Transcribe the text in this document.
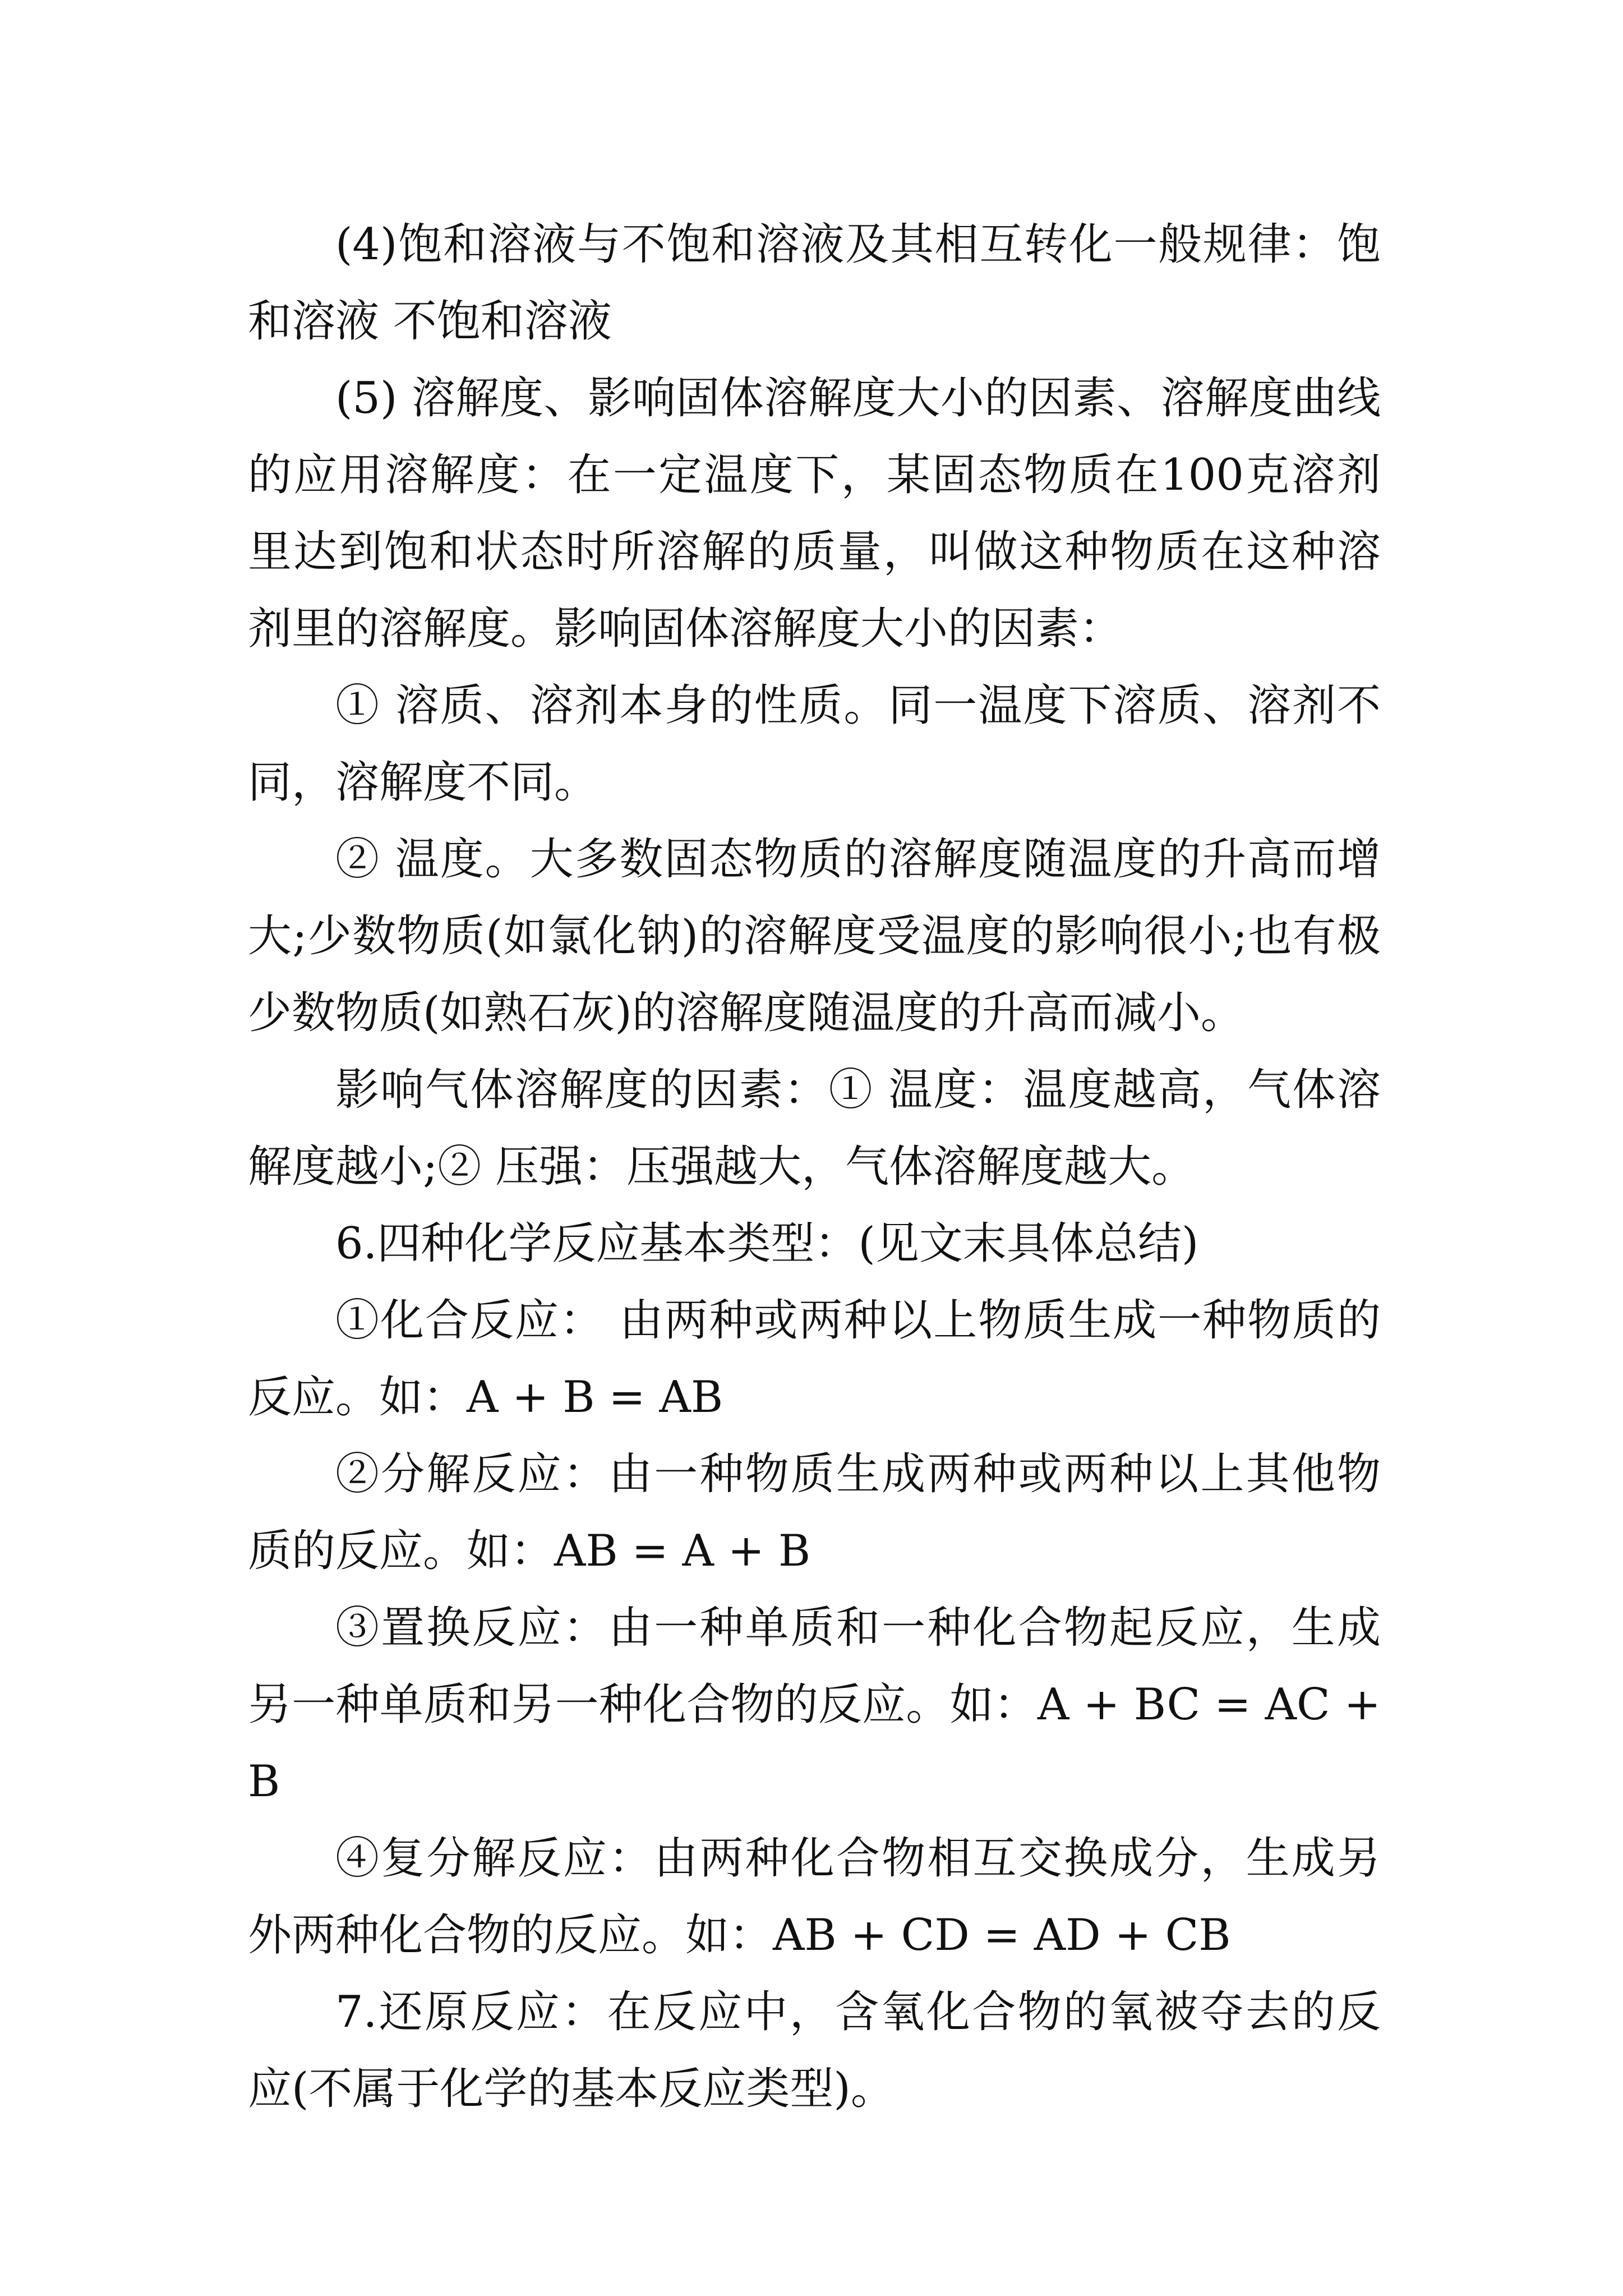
(4)饱和溶液与不饱和溶液及其相互转化一般规律：饱和溶液 不饱和溶液

(5) 溶解度、影响固体溶解度大小的因素、溶解度曲线的应用溶解度：在一定温度下，某固态物质在100克溶剂里达到饱和状态时所溶解的质量，叫做这种物质在这种溶剂里的溶解度。影响固体溶解度大小的因素：

① 溶质、溶剂本身的性质。同一温度下溶质、溶剂不同，溶解度不同。

② 温度。大多数固态物质的溶解度随温度的升高而增大;少数物质(如氯化钠)的溶解度受温度的影响很小;也有极少数物质(如熟石灰)的溶解度随温度的升高而减小。

影响气体溶解度的因素：① 温度：温度越高，气体溶解度越小;② 压强：压强越大，气体溶解度越大。

6.四种化学反应基本类型：(见文末具体总结)

①化合反应： 由两种或两种以上物质生成一种物质的反应。如：A + B = AB

②分解反应：由一种物质生成两种或两种以上其他物质的反应。如：AB = A + B

③置换反应：由一种单质和一种化合物起反应，生成另一种单质和另一种化合物的反应。如：A + BC = AC + B

④复分解反应：由两种化合物相互交换成分，生成另外两种化合物的反应。如：AB + CD = AD + CB

7.还原反应：在反应中，含氧化合物的氧被夺去的反应(不属于化学的基本反应类型)。
